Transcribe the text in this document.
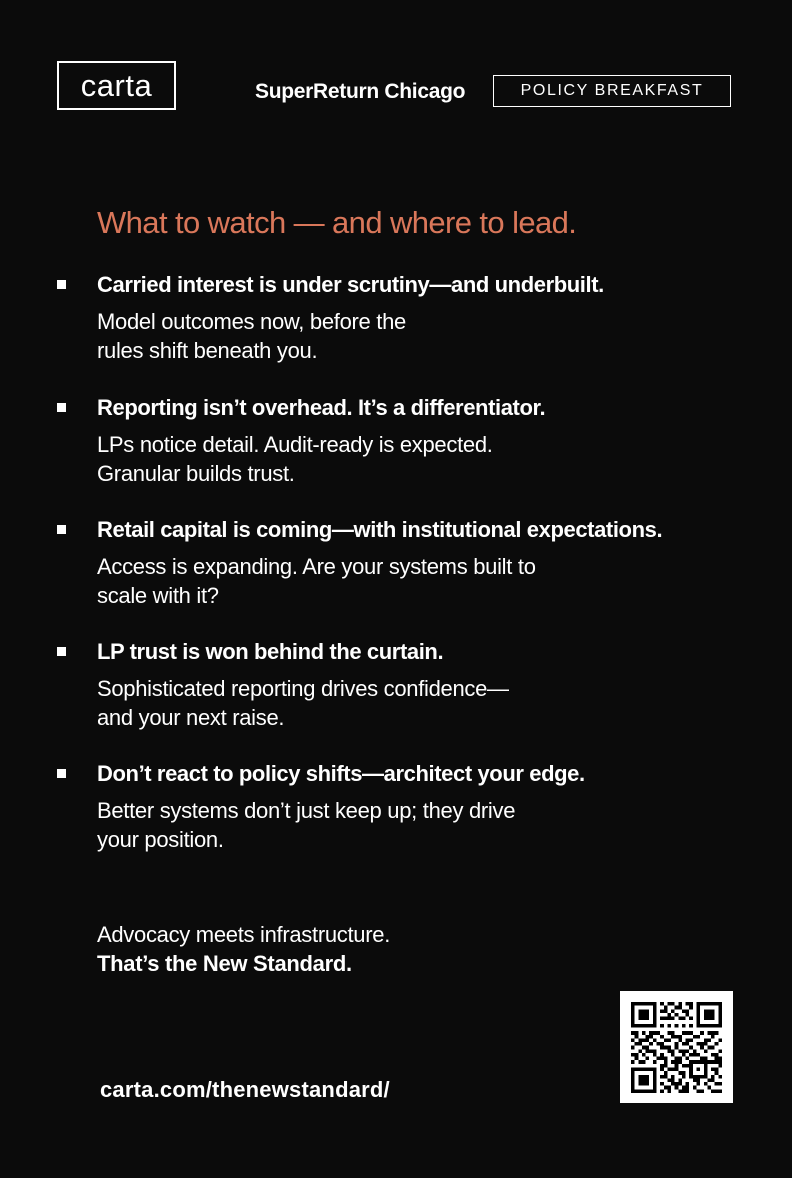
carta	SuperReturn Chicago	POLICY BREAKFAST
What to watch — and where to lead.
Carried interest is under scrutiny—and underbuilt.
Model outcomes now, before the
rules shift beneath you.
Reporting isn’t overhead. It’s a differentiator.
LPs notice detail. Audit-ready is expected.
Granular builds trust.
Retail capital is coming—with institutional expectations.
Access is expanding. Are your systems built to
scale with it?
LP trust is won behind the curtain.
Sophisticated reporting drives confidence—
and your next raise.
Don’t react to policy shifts—architect your edge.
Better systems don’t just keep up; they drive
your position.
Advocacy meets infrastructure.
That’s the New Standard.
carta.com/thenewstandard/
